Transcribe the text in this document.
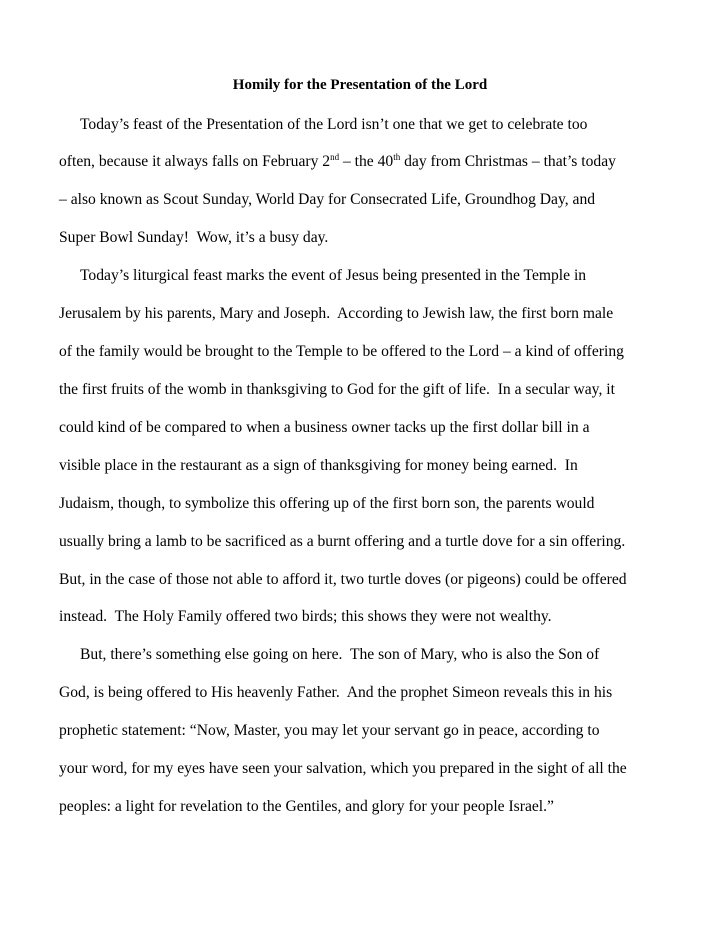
Homily for the Presentation of the Lord
Today’s feast of the Presentation of the Lord isn’t one that we get to celebrate too
often, because it always falls on February 2nd – the 40th day from Christmas – that’s today
– also known as Scout Sunday, World Day for Consecrated Life, Groundhog Day, and
Super Bowl Sunday!  Wow, it’s a busy day.
Today’s liturgical feast marks the event of Jesus being presented in the Temple in
Jerusalem by his parents, Mary and Joseph.  According to Jewish law, the first born male
of the family would be brought to the Temple to be offered to the Lord – a kind of offering
the first fruits of the womb in thanksgiving to God for the gift of life.  In a secular way, it
could kind of be compared to when a business owner tacks up the first dollar bill in a
visible place in the restaurant as a sign of thanksgiving for money being earned.  In
Judaism, though, to symbolize this offering up of the first born son, the parents would
usually bring a lamb to be sacrificed as a burnt offering and a turtle dove for a sin offering.
But, in the case of those not able to afford it, two turtle doves (or pigeons) could be offered
instead.  The Holy Family offered two birds; this shows they were not wealthy.
But, there’s something else going on here.  The son of Mary, who is also the Son of
God, is being offered to His heavenly Father.  And the prophet Simeon reveals this in his
prophetic statement: “Now, Master, you may let your servant go in peace, according to
your word, for my eyes have seen your salvation, which you prepared in the sight of all the
peoples: a light for revelation to the Gentiles, and glory for your people Israel.”
